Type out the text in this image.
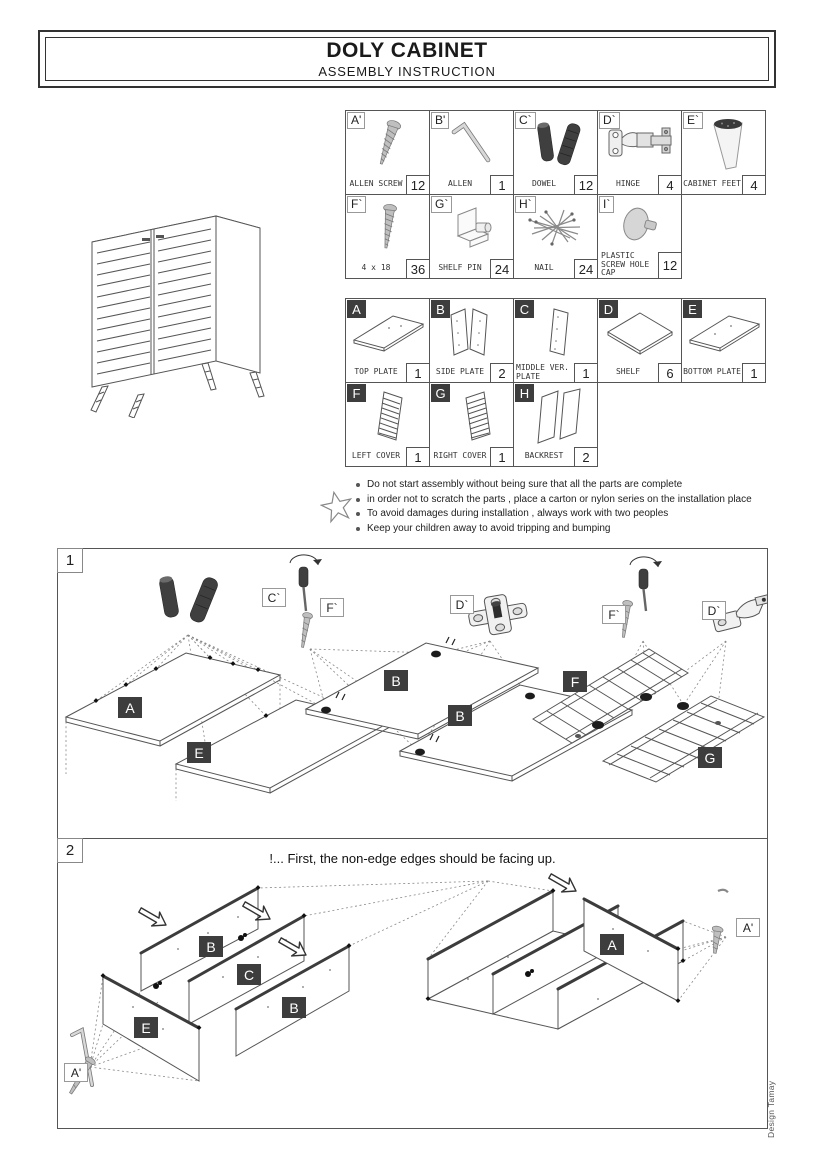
DOLY CABINET
ASSEMBLY INSTRUCTION
A'
ALLEN SCREW 12
B'
ALLEN	1
C`
DOWEL	12
D`
HINGE	4
E`
CABINET FEET 4
F`
4 x 18	36
G`
SHELF PIN	24
H`
NAIL	24
I`
PLASTIC SCREW HOLE CAP	12
A
TOP PLATE	1
B
SIDE PLATE	2
C
MIDDLE VER. PLATE	1
D
SHELF	6
E
BOTTOM PLATE 1
F
LEFT COVER	1
G
RIGHT COVER 1
H
BACKREST	2
Do not start assembly without being sure that all the parts are complete
in order not to scratch the parts , place a carton or nylon series on the installation place
To avoid damages during installation , always work with two peoples
Keep your children away to avoid tripping and bumping
1
C`
A
E
F`	D`
B
B
F`	D`
F
G
2	!... First, the non-edge edges should be facing up.
B
C
B
E
A'
A
A'
Design Tamay
